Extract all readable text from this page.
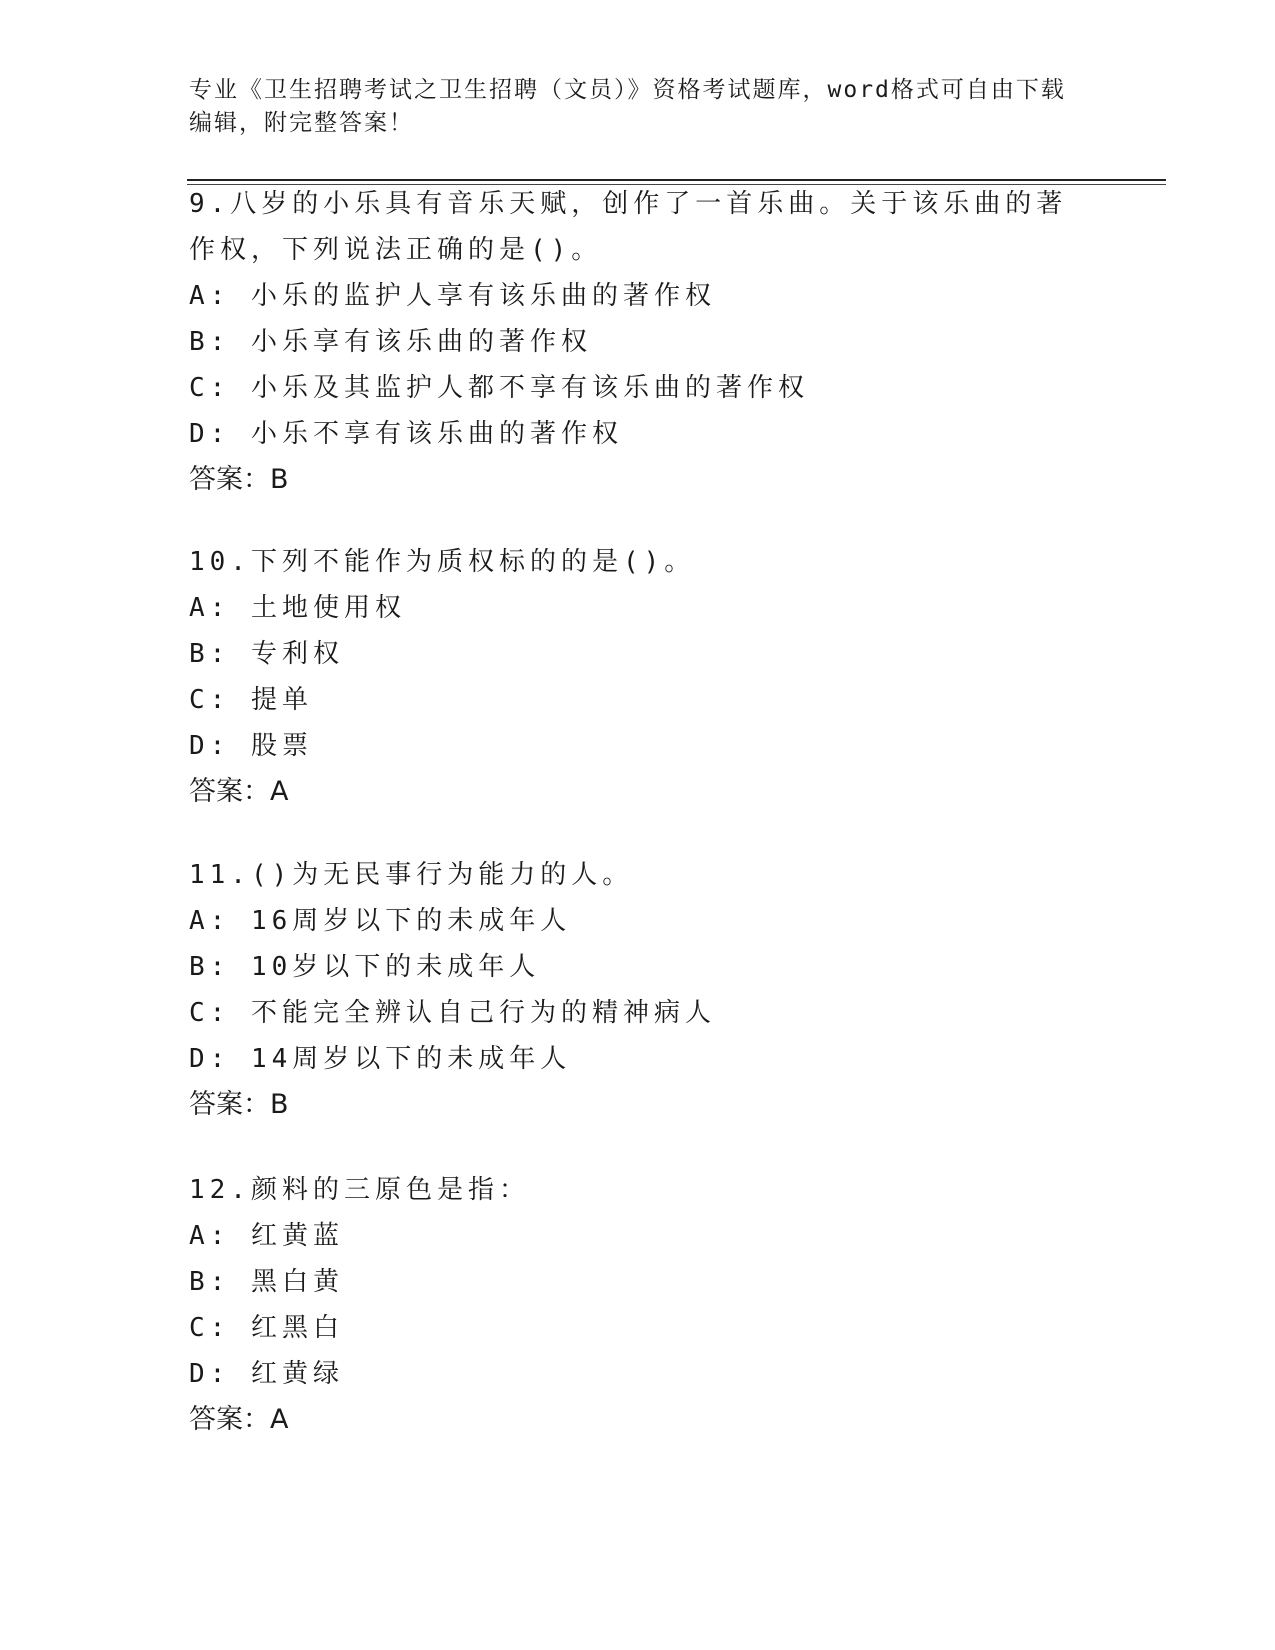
专业《卫生招聘考试之卫生招聘（文员）》资格考试题库，word格式可自由下载编辑，附完整答案！
9.八岁的小乐具有音乐天赋，创作了一首乐曲。关于该乐曲的著作权，下列说法正确的是()。
A: 小乐的监护人享有该乐曲的著作权
B: 小乐享有该乐曲的著作权
C: 小乐及其监护人都不享有该乐曲的著作权
D: 小乐不享有该乐曲的著作权
答案：B
10.下列不能作为质权标的的是()。
A: 土地使用权
B: 专利权
C: 提单
D: 股票
答案：A
11.()为无民事行为能力的人。
A: 16周岁以下的未成年人
B: 10岁以下的未成年人
C: 不能完全辨认自己行为的精神病人
D: 14周岁以下的未成年人
答案：B
12.颜料的三原色是指：
A: 红黄蓝
B: 黑白黄
C: 红黑白
D: 红黄绿
答案：A
